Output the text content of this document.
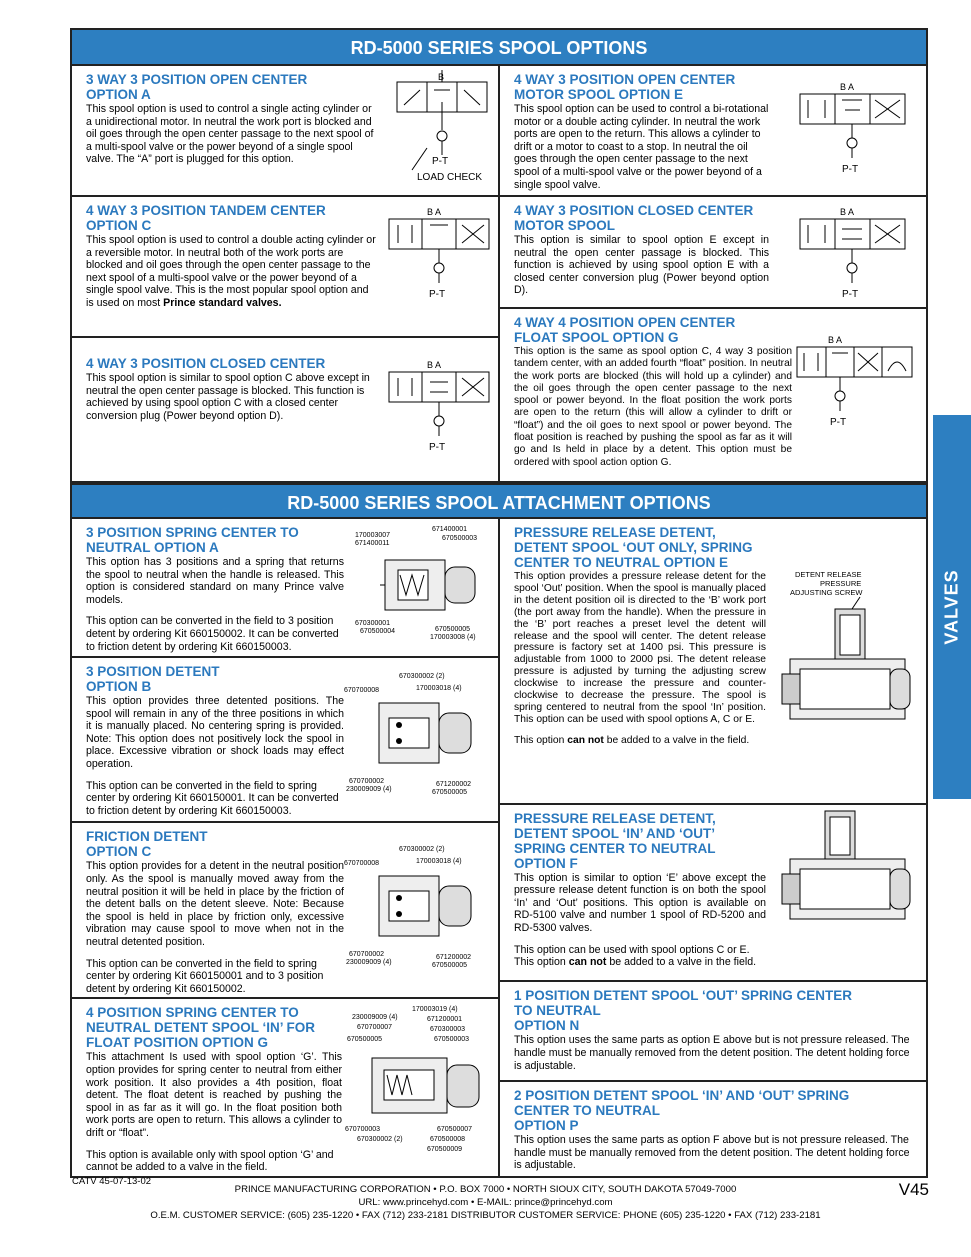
RD-5000 SERIES SPOOL OPTIONS
3 WAY 3 POSITION OPEN CENTER
OPTION A
This spool option is used to control a single acting cylinder or a unidirectional motor. In neutral the work port is blocked and oil goes through the open center passage to the next spool of a multi-spool valve or the power beyond of a single spool valve. The “A” port is plugged for this option.
B
P-T
LOAD CHECK
4 WAY 3 POSITION OPEN CENTER
MOTOR SPOOL OPTION E
This spool option can be used to control a bi-rotational motor or a double acting cylinder. In neutral the work ports are open to the return. This allows a cylinder to drift or a motor to coast to a stop. In neutral the oil goes through the open center passage to the next spool of a multi-spool valve or the power beyond of a single spool valve.
B A
P-T
4 WAY 3 POSITION TANDEM CENTER
OPTION C
This spool option is used to control a double acting cylinder or a reversible motor. In neutral both of the work ports are blocked and oil goes through the open center passage to the next spool of a multi-spool valve or the power beyond of a single spool valve. This is the most popular spool option and is used on most Prince standard valves.
B A
P-T
4 WAY 3 POSITION CLOSED CENTER
This spool option is similar to spool option C above except in neutral the open center passage is blocked. This function is achieved by using spool option C with a closed center conversion plug (Power beyond option D).
B A
P-T
4 WAY 3 POSITION CLOSED CENTER
MOTOR SPOOL
This option is similar to spool option E except in neutral the open center passage is blocked. This function is achieved by using spool option E with a closed center conversion plug (Power beyond option D).
B A
P-T
4 WAY 4 POSITION OPEN CENTER
FLOAT SPOOL OPTION G
This option is the same as spool option C, 4 way 3 position tandem center, with an added fourth “float” position. In neutral the work ports are blocked (this will hold up a cylinder) and the oil goes through the open center passage to the next spool or power beyond. In the float position the work ports are open to the return (this will allow a cylinder to drift or “float”) and the oil goes to next spool or power beyond. The float position is reached by pushing the spool as far as it will go and Is held in place by a detent. This option must be ordered with spool action option G.
B A
P-T
RD-5000 SERIES SPOOL ATTACHMENT OPTIONS
3 POSITION SPRING CENTER TO
NEUTRAL OPTION A
This option has 3 positions and a spring that returns the spool to neutral when the handle is released. This option is considered standard on many Prince valve models.
This option can be converted in the field to 3 position detent by ordering Kit 660150002. It can be converted to friction detent by ordering Kit 660150003.
170003007
671400011
671400001
670500003
670300001
670500004	670500005
170003008 (4)
3 POSITION DETENT
OPTION B
This option provides three detented positions. The spool will remain in any of the three positions in which it is manually placed. No centering spring is provided. Note: This option does not positively lock the spool in place. Excessive vibration or shock loads may effect operation.
This option can be converted in the field to spring center by ordering Kit 660150001. It can be converted to friction detent by ordering Kit 660150003.
670300002 (2)
670700008	170003018 (4)
670700002
230009009 (4)
671200002
670500005
FRICTION DETENT
OPTION C
This option provides for a detent in the neutral position only. As the spool is manually moved away from the neutral position it will be held in place by the friction of the detent balls on the detent sleeve. Note: Because the spool is held in place by friction only, excessive vibration may cause spool to move when not in the neutral detented position.
This option can be converted in the field to spring center by ordering Kit 660150001 and to 3 position detent by ordering Kit 660150002.
670300002 (2)
670700008	170003018 (4)
670700002
230009009 (4)
671200002
670500005
4 POSITION SPRING CENTER TO
NEUTRAL DETENT SPOOL ‘IN’ FOR
FLOAT POSITION OPTION G
This attachment Is used with spool option ‘G’. This option provides for spring center to neutral from either work position. It also provides a 4th position, float detent. The float detent is reached by pushing the spool in as far as it will go. In the float position both work ports are open to return. This allows a cylinder to drift or “float”.
This option is available only with spool option ‘G’ and cannot be added to a valve in the field.
170003019 (4)
230009009 (4)	671200001
670700007	670300003
670500005	670500003
670700003	670500007
670300002 (2)	670500008
670500009
PRESSURE RELEASE DETENT,
DETENT SPOOL ‘OUT ONLY, SPRING
CENTER TO NEUTRAL OPTION E
This option provides a pressure release detent for the spool ‘Out’ position. When the spool is manually placed in the detent position oil is directed to the ‘B’ work port (the port away from the handle). When the pressure in the ‘B’ port reaches a preset level the detent will release and the spool will center. The detent release pressure is factory set at 1400 psi. This pressure is adjustable from 1000 to 2000 psi. The detent release pressure is adjusted by turning the adjusting screw clockwise to increase the pressure and counter-clockwise to decrease the pressure. The spool is spring centered to neutral from the spool ‘In’ position. This option can be used with spool options A, C or E.
This option can not be added to a valve in the field.
DETENT RELEASE
PRESSURE
ADJUSTING SCREW
PRESSURE RELEASE DETENT,
DETENT SPOOL ‘IN’ AND ‘OUT’
SPRING CENTER TO NEUTRAL
OPTION F
This option is similar to option ‘E’ above except the pressure release detent function is on both the spool ‘In’ and ‘Out’ positions. This option is available on RD-5100 valve and number 1 spool of RD-5200 and RD-5300 valves.
This option can be used with spool options C or E. This option can not be added to a valve in the field.
1 POSITION DETENT SPOOL ‘OUT’ SPRING CENTER
TO NEUTRAL
OPTION N
This option uses the same parts as option E above but is not pressure released. The handle must be manually removed from the detent position. The detent holding force is adjustable.
2 POSITION DETENT SPOOL ‘IN’ AND ‘OUT’ SPRING
CENTER TO NEUTRAL
OPTION P
This option uses the same parts as option F above but is not pressure released. The handle must be manually removed from the detent position. The detent holding force is adjustable.
VALVES
CATV 45-07-13-02	V45
PRINCE MANUFACTURING CORPORATION • P.O. BOX 7000 • NORTH SIOUX CITY, SOUTH DAKOTA 57049-7000
URL: www.princehyd.com • E-MAIL: prince@princehyd.com
O.E.M. CUSTOMER SERVICE: (605) 235-1220 • FAX (712) 233-2181 DISTRIBUTOR CUSTOMER SERVICE: PHONE (605) 235-1220 • FAX (712) 233-2181
